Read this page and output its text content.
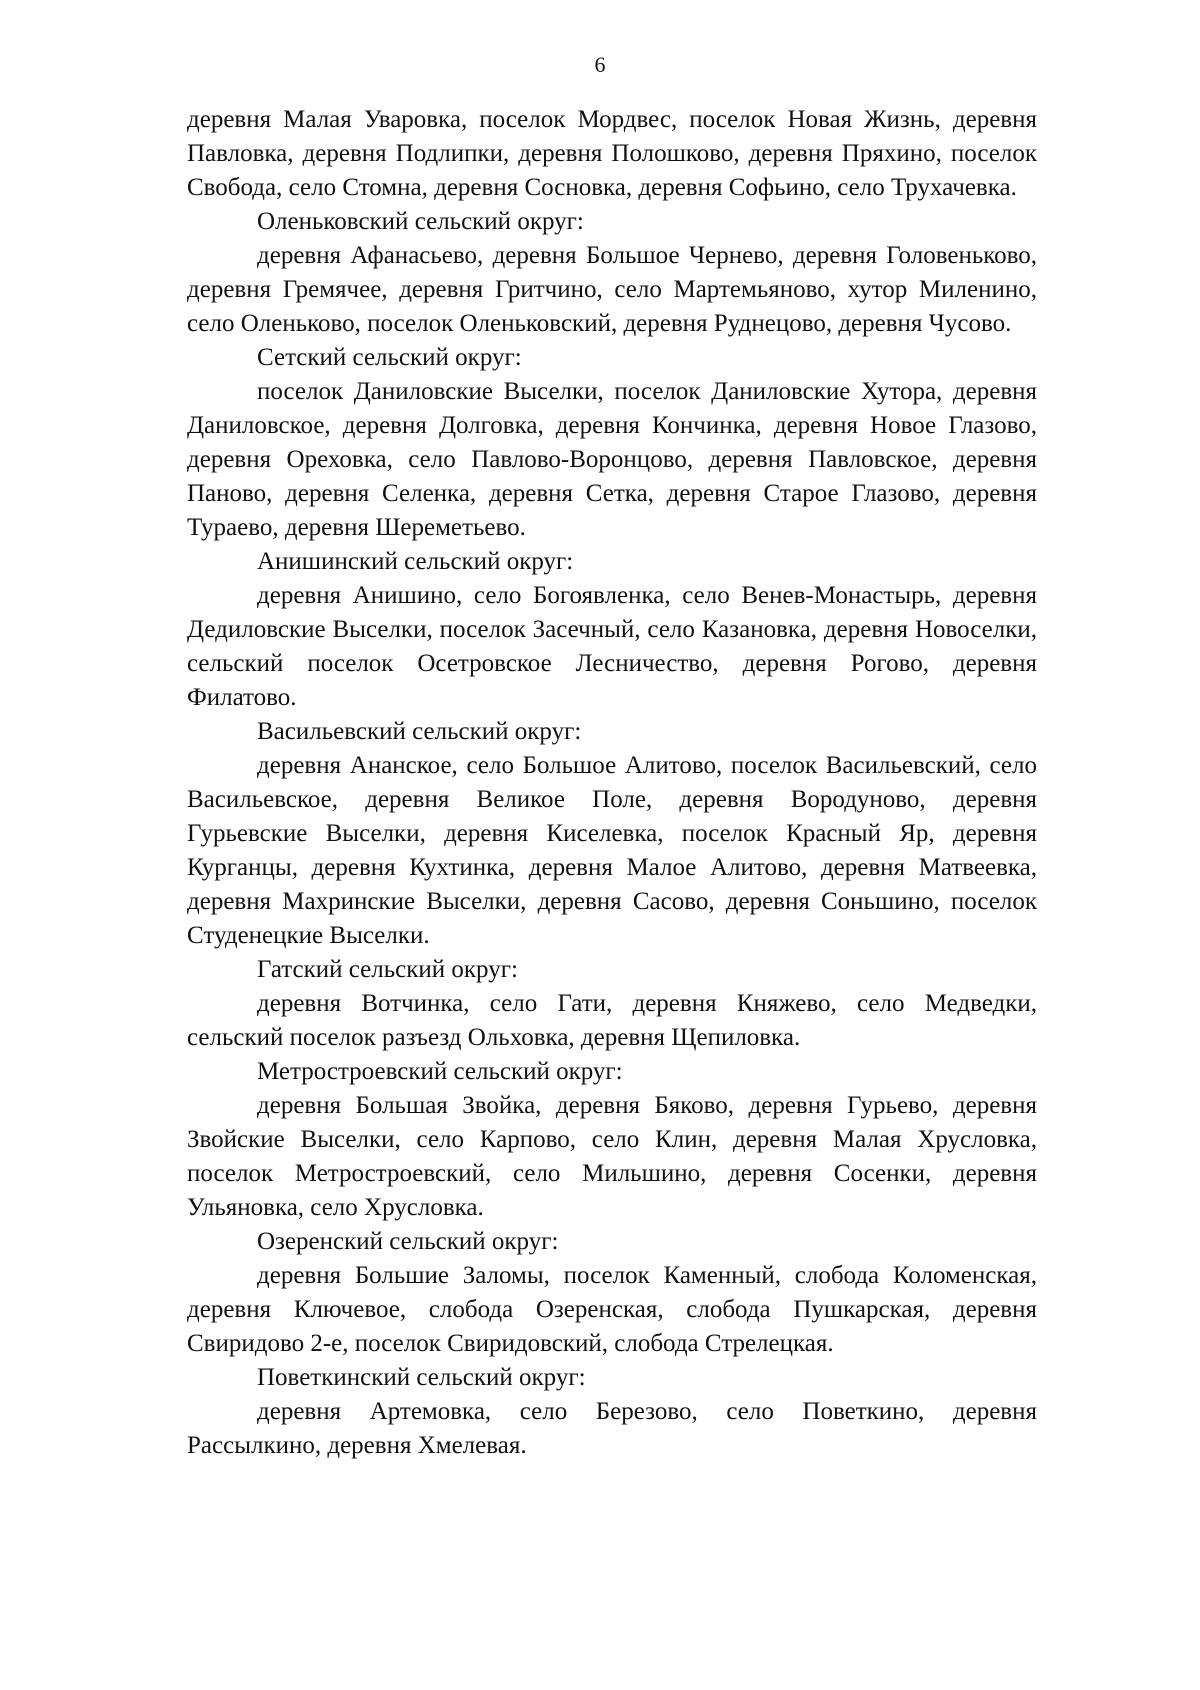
6

деревня Малая Уваровка, поселок Мордвес, поселок Новая Жизнь, деревня Павловка, деревня Подлипки, деревня Полошково, деревня Пряхино, поселок Свобода, село Стомна, деревня Сосновка, деревня Софьино, село Трухачевка.

Оленьковский сельский округ:

деревня Афанасьево, деревня Большое Чернево, деревня Головеньково, деревня Гремячее, деревня Гритчино, село Мартемьяново, хутор Миленино, село Оленьково, поселок Оленьковский, деревня Руднецово, деревня Чусово.

Сетский сельский округ:

поселок Даниловские Выселки, поселок Даниловские Хутора, деревня Даниловское, деревня Долговка, деревня Кончинка, деревня Новое Глазово, деревня Ореховка, село Павлово-Воронцово, деревня Павловское, деревня Паново, деревня Селенка, деревня Сетка, деревня Старое Глазово, деревня Тураево, деревня Шереметьево.

Анишинский сельский округ:

деревня Анишино, село Богоявленка, село Венев-Монастырь, деревня Дедиловские Выселки, поселок Засечный, село Казановка, деревня Новоселки, сельский поселок Осетровское Лесничество, деревня Рогово, деревня Филатово.

Васильевский сельский округ:

деревня Ананское, село Большое Алитово, поселок Васильевский, село Васильевское, деревня Великое Поле, деревня Вородуново, деревня Гурьевские Выселки, деревня Киселевка, поселок Красный Яр, деревня Курганцы, деревня Кухтинка, деревня Малое Алитово, деревня Матвеевка, деревня Махринские Выселки, деревня Сасово, деревня Соньшино, поселок Студенецкие Выселки.

Гатский сельский округ:

деревня Вотчинка, село Гати, деревня Княжево, село Медведки, сельский поселок разъезд Ольховка, деревня Щепиловка.

Метростроевский сельский округ:

деревня Большая Звойка, деревня Бяково, деревня Гурьево, деревня Звойские Выселки, село Карпово, село Клин, деревня Малая Хрусловка, поселок Метростроевский, село Мильшино, деревня Сосенки, деревня Ульяновка, село Хрусловка.

Озеренский сельский округ:

деревня Большие Заломы, поселок Каменный, слобода Коломенская, деревня Ключевое, слобода Озеренская, слобода Пушкарская, деревня Свиридово 2-е, поселок Свиридовский, слобода Стрелецкая.

Поветкинский сельский округ:

деревня Артемовка, село Березово, село Поветкино, деревня Рассылкино, деревня Хмелевая.
